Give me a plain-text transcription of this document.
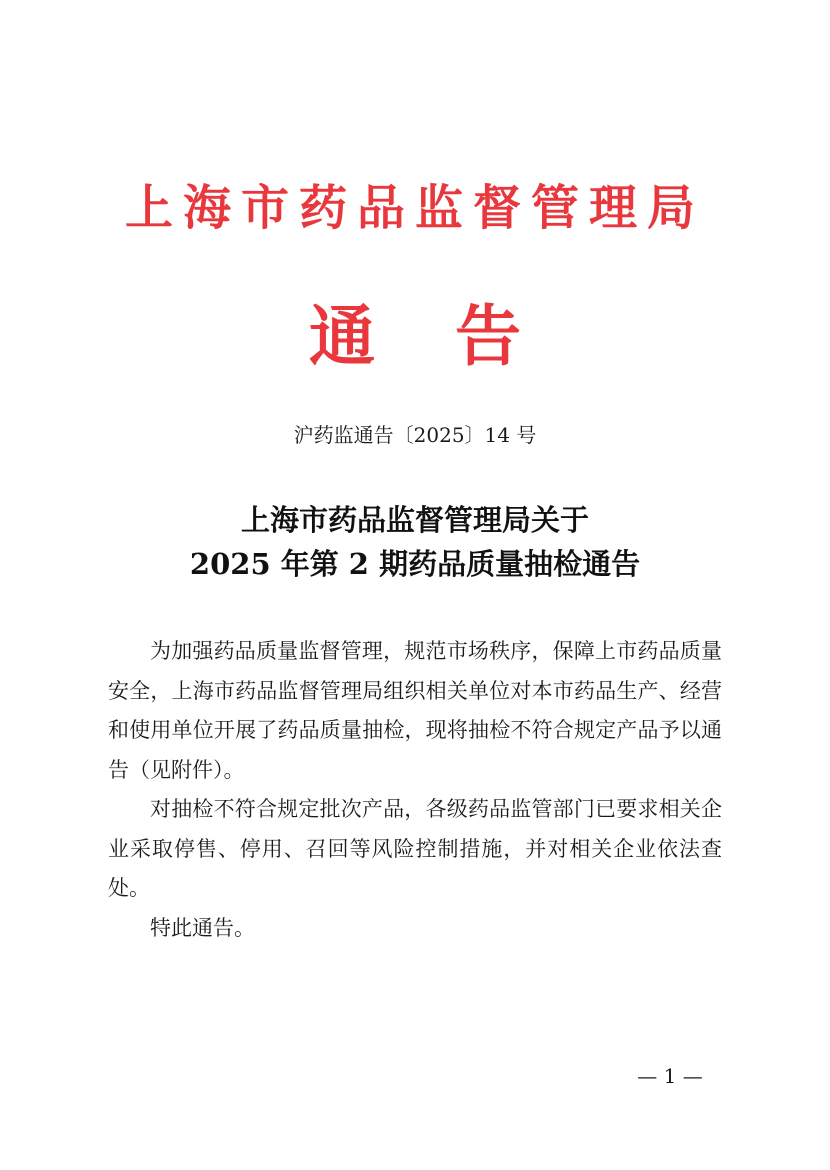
上海市药品监督管理局
通 告
沪药监通告〔2025〕14 号
上海市药品监督管理局关于
2025 年第 2 期药品质量抽检通告

为加强药品质量监督管理，规范市场秩序，保障上市药品质量安全，上海市药品监督管理局组织相关单位对本市药品生产、经营和使用单位开展了药品质量抽检，现将抽检不符合规定产品予以通告（见附件）。

对抽检不符合规定批次产品，各级药品监管部门已要求相关企业采取停售、停用、召回等风险控制措施，并对相关企业依法查处。

特此通告。

— 1 —
